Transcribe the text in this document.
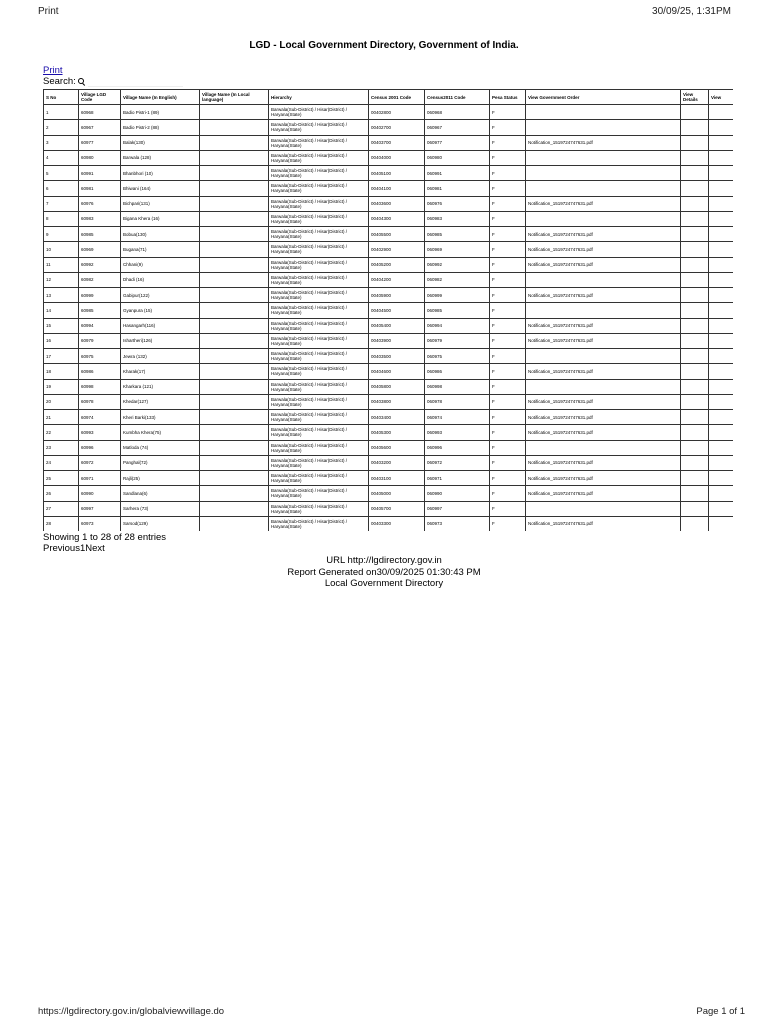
Print	30/09/25, 1:31PM
LGD - Local Government Directory, Government of India.
Print
Search:
S No	Village LGD Code	Village Name (In English)	Village Name (In Local language)	Hierarchy	Census 2001 Code	Census2011 Code	Pesa Status	View Government Order	View Details	View
1	60968	Badio Pistri-1 (89)		Barwala(Sub-District) / Hisar(District) / Haryana(State)	00402800	060968	F			
2	60967	Badio Pistri-2 (88)		Barwala(Sub-District) / Hisar(District) / Haryana(State)	00402700	060967	F			
3	60977	Balak(130)		Barwala(Sub-District) / Hisar(District) / Haryana(State)	00403700	060977	F	Notification_1519724747631.pdf		
4	60980	Barwala (128)		Barwala(Sub-District) / Hisar(District) / Haryana(State)	00404000	060980	F			
5	60991	Bhanbhori (10)		Barwala(Sub-District) / Hisar(District) / Haryana(State)	00405100	060991	F			
6	60981	Bhiwani (164)		Barwala(Sub-District) / Hisar(District) / Haryana(State)	00404100	060981	F			
7	60976	Bichpari(131)		Barwala(Sub-District) / Hisar(District) / Haryana(State)	00403600	060976	F	Notification_1519724747631.pdf		
8	60983	Bigana Khera (16)		Barwala(Sub-District) / Hisar(District) / Haryana(State)	00404300	060983	F			
9	60985	Bobua(130)		Barwala(Sub-District) / Hisar(District) / Haryana(State)	00405500	060985	F	Notification_1519724747631.pdf		
10	60969	Bugana(71)		Barwala(Sub-District) / Hisar(District) / Haryana(State)	00402900	060969	F	Notification_1519724747631.pdf		
11	60992	Chhani(9)		Barwala(Sub-District) / Hisar(District) / Haryana(State)	00405200	060992	F	Notification_1519724747631.pdf		
12	60982	Dhadi (16)		Barwala(Sub-District) / Hisar(District) / Haryana(State)	00404200	060982	F			
13	60999	Gabipur(122)		Barwala(Sub-District) / Hisar(District) / Haryana(State)	00405900	060999	F	Notification_1519724747631.pdf		
14	60985	Gyanpura (15)		Barwala(Sub-District) / Hisar(District) / Haryana(State)	00404500	060985	F			
15	60994	Hasangarh(116)		Barwala(Sub-District) / Hisar(District) / Haryana(State)	00405400	060994	F	Notification_1519724747631.pdf		
16	60979	Ishartheri(126)		Barwala(Sub-District) / Hisar(District) / Haryana(State)	00403900	060979	F	Notification_1519724747631.pdf		
17	60975	Jewra (132)		Barwala(Sub-District) / Hisar(District) / Haryana(State)	00403500	060975	F			
18	60986	Kharak(17)		Barwala(Sub-District) / Hisar(District) / Haryana(State)	00404600	060986	F	Notification_1519724747631.pdf		
19	60998	Kharkara (121)		Barwala(Sub-District) / Hisar(District) / Haryana(State)	00405800	060998	F			
20	60978	Khedar(127)		Barwala(Sub-District) / Hisar(District) / Haryana(State)	00403800	060978	F	Notification_1519724747631.pdf		
21	60974	Kheri Barki(133)		Barwala(Sub-District) / Hisar(District) / Haryana(State)	00403400	060974	F	Notification_1519724747631.pdf		
22	60993	Kumbha Khera(75)		Barwala(Sub-District) / Hisar(District) / Haryana(State)	00405300	060993	F	Notification_1519724747631.pdf		
23	60996	Matloda (74)		Barwala(Sub-District) / Hisar(District) / Haryana(State)	00405600	060996	F			
24	60972	Panghal(72)		Barwala(Sub-District) / Hisar(District) / Haryana(State)	00403200	060972	F	Notification_1519724747631.pdf		
25	60971	Rajli(25)		Barwala(Sub-District) / Hisar(District) / Haryana(State)	00403100	060971	F	Notification_1519724747631.pdf		
26	60990	Sandlana(6)		Barwala(Sub-District) / Hisar(District) / Haryana(State)	00405000	060990	F	Notification_1519724747631.pdf		
27	60997	Sarhera (73)		Barwala(Sub-District) / Hisar(District) / Haryana(State)	00405700	060997	F			
28	60973	Sarsod(129)		Barwala(Sub-District) / Hisar(District) / Haryana(State)	00403300	060973	F	Notification_1519724747631.pdf		
Showing 1 to 28 of 28 entries
Previous1Next
URL http://lgdirectory.gov.in
Report Generated on30/09/2025 01:30:43 PM
Local Government Directory
https://lgdirectory.gov.in/globalviewvillage.do	Page 1 of 1
